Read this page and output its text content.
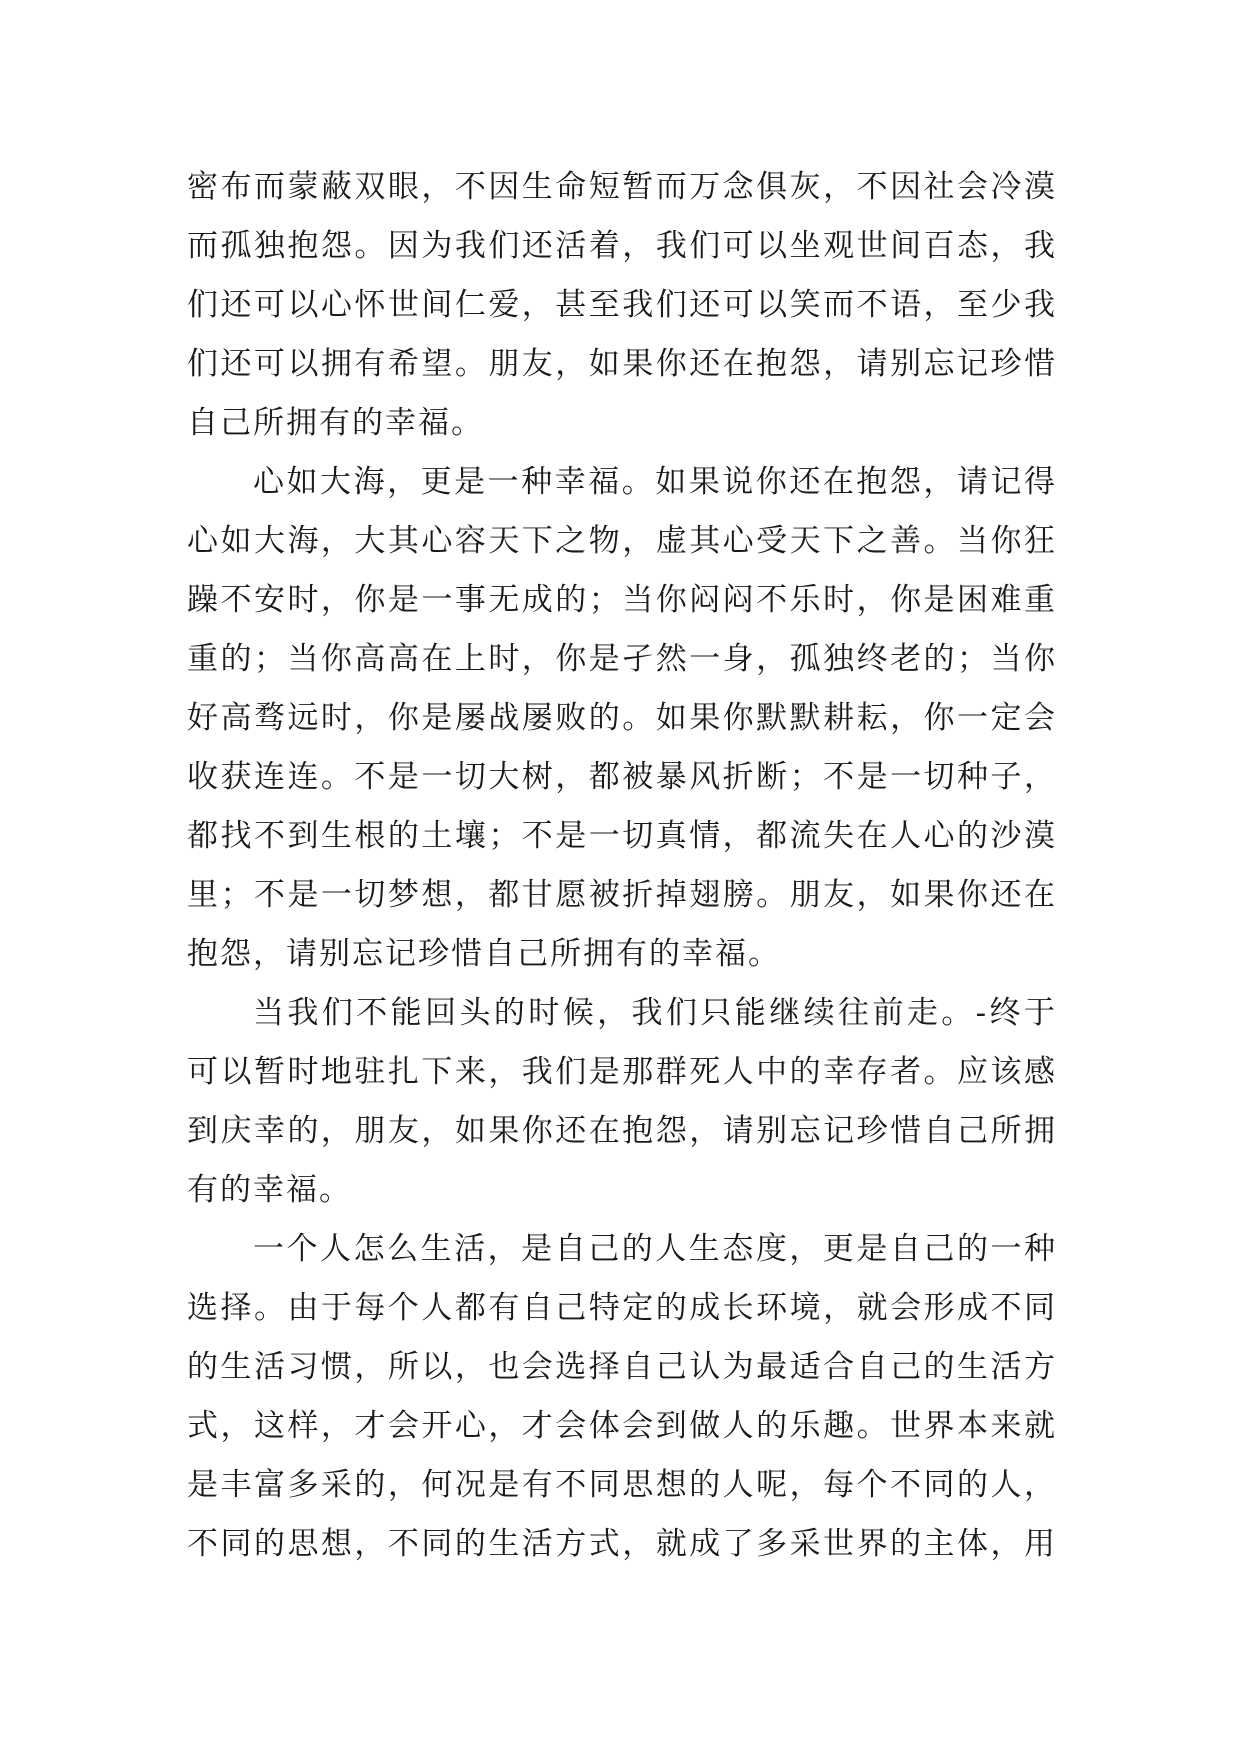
密布而蒙蔽双眼，不因生命短暂而万念俱灰，不因社会冷漠
而孤独抱怨。因为我们还活着，我们可以坐观世间百态，我
们还可以心怀世间仁爱，甚至我们还可以笑而不语，至少我
们还可以拥有希望。朋友，如果你还在抱怨，请别忘记珍惜
自己所拥有的幸福。
心如大海，更是一种幸福。如果说你还在抱怨，请记得
心如大海，大其心容天下之物，虚其心受天下之善。当你狂
躁不安时，你是一事无成的；当你闷闷不乐时，你是困难重
重的；当你高高在上时，你是孑然一身，孤独终老的；当你
好高骛远时，你是屡战屡败的。如果你默默耕耘，你一定会
收获连连。不是一切大树，都被暴风折断；不是一切种子，
都找不到生根的土壤；不是一切真情，都流失在人心的沙漠
里；不是一切梦想，都甘愿被折掉翅膀。朋友，如果你还在
抱怨，请别忘记珍惜自己所拥有的幸福。
当我们不能回头的时候，我们只能继续往前走。-终于
可以暂时地驻扎下来，我们是那群死人中的幸存者。应该感
到庆幸的，朋友，如果你还在抱怨，请别忘记珍惜自己所拥
有的幸福。
一个人怎么生活，是自己的人生态度，更是自己的一种
选择。由于每个人都有自己特定的成长环境，就会形成不同
的生活习惯，所以，也会选择自己认为最适合自己的生活方
式，这样，才会开心，才会体会到做人的乐趣。世界本来就
是丰富多采的，何况是有不同思想的人呢，每个不同的人，
不同的思想，不同的生活方式，就成了多采世界的主体，用
